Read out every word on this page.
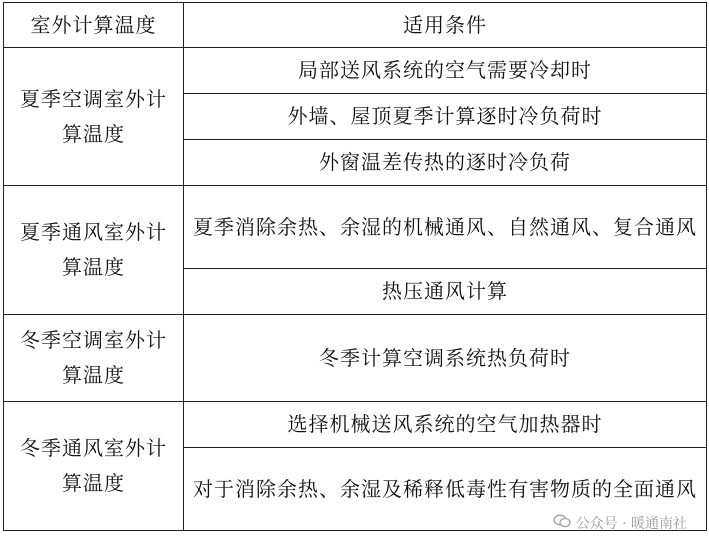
室外计算温度	适用条件
夏季空调室外计算温度	局部送风系统的空气需要冷却时
	外墙、屋顶夏季计算逐时冷负荷时
	外窗温差传热的逐时冷负荷
夏季通风室外计算温度	夏季消除余热、余湿的机械通风、自然通风、复合通风
	热压通风计算
冬季空调室外计算温度	冬季计算空调系统热负荷时
冬季通风室外计算温度	选择机械送风系统的空气加热器时
	对于消除余热、余湿及稀释低毒性有害物质的全面通风
公众号 · 暖通南社
